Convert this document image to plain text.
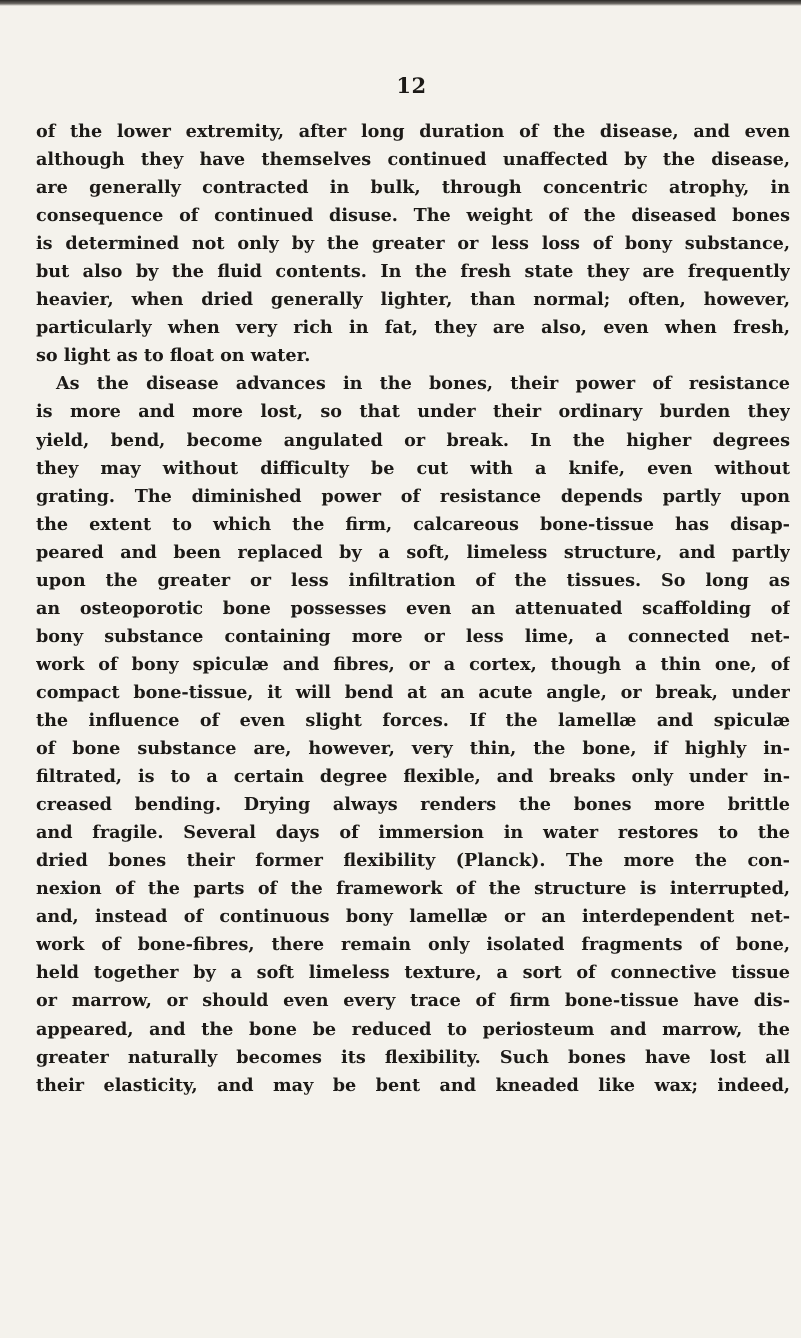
12
of the lower extremity, after long duration of the disease, and even
although they have themselves continued unaffected by the disease,
are generally contracted in bulk, through concentric atrophy, in
consequence of continued disuse. The weight of the diseased bones
is determined not only by the greater or less loss of bony substance,
but also by the fluid contents. In the fresh state they are frequently
heavier, when dried generally lighter, than normal; often, however,
particularly when very rich in fat, they are also, even when fresh,
so light as to float on water.
As the disease advances in the bones, their power of resistance
is more and more lost, so that under their ordinary burden they
yield, bend, become angulated or break. In the higher degrees
they may without difficulty be cut with a knife, even without
grating. The diminished power of resistance depends partly upon
the extent to which the firm, calcareous bone-tissue has disap-
peared and been replaced by a soft, limeless structure, and partly
upon the greater or less infiltration of the tissues. So long as
an osteoporotic bone possesses even an attenuated scaffolding of
bony substance containing more or less lime, a connected net-
work of bony spiculæ and fibres, or a cortex, though a thin one, of
compact bone-tissue, it will bend at an acute angle, or break, under
the influence of even slight forces. If the lamellæ and spiculæ
of bone substance are, however, very thin, the bone, if highly in-
filtrated, is to a certain degree flexible, and breaks only under in-
creased bending. Drying always renders the bones more brittle
and fragile. Several days of immersion in water restores to the
dried bones their former flexibility (Planck). The more the con-
nexion of the parts of the framework of the structure is interrupted,
and, instead of continuous bony lamellæ or an interdependent net-
work of bone-fibres, there remain only isolated fragments of bone,
held together by a soft limeless texture, a sort of connective tissue
or marrow, or should even every trace of firm bone-tissue have dis-
appeared, and the bone be reduced to periosteum and marrow, the
greater naturally becomes its flexibility. Such bones have lost all
their elasticity, and may be bent and kneaded like wax; indeed,
